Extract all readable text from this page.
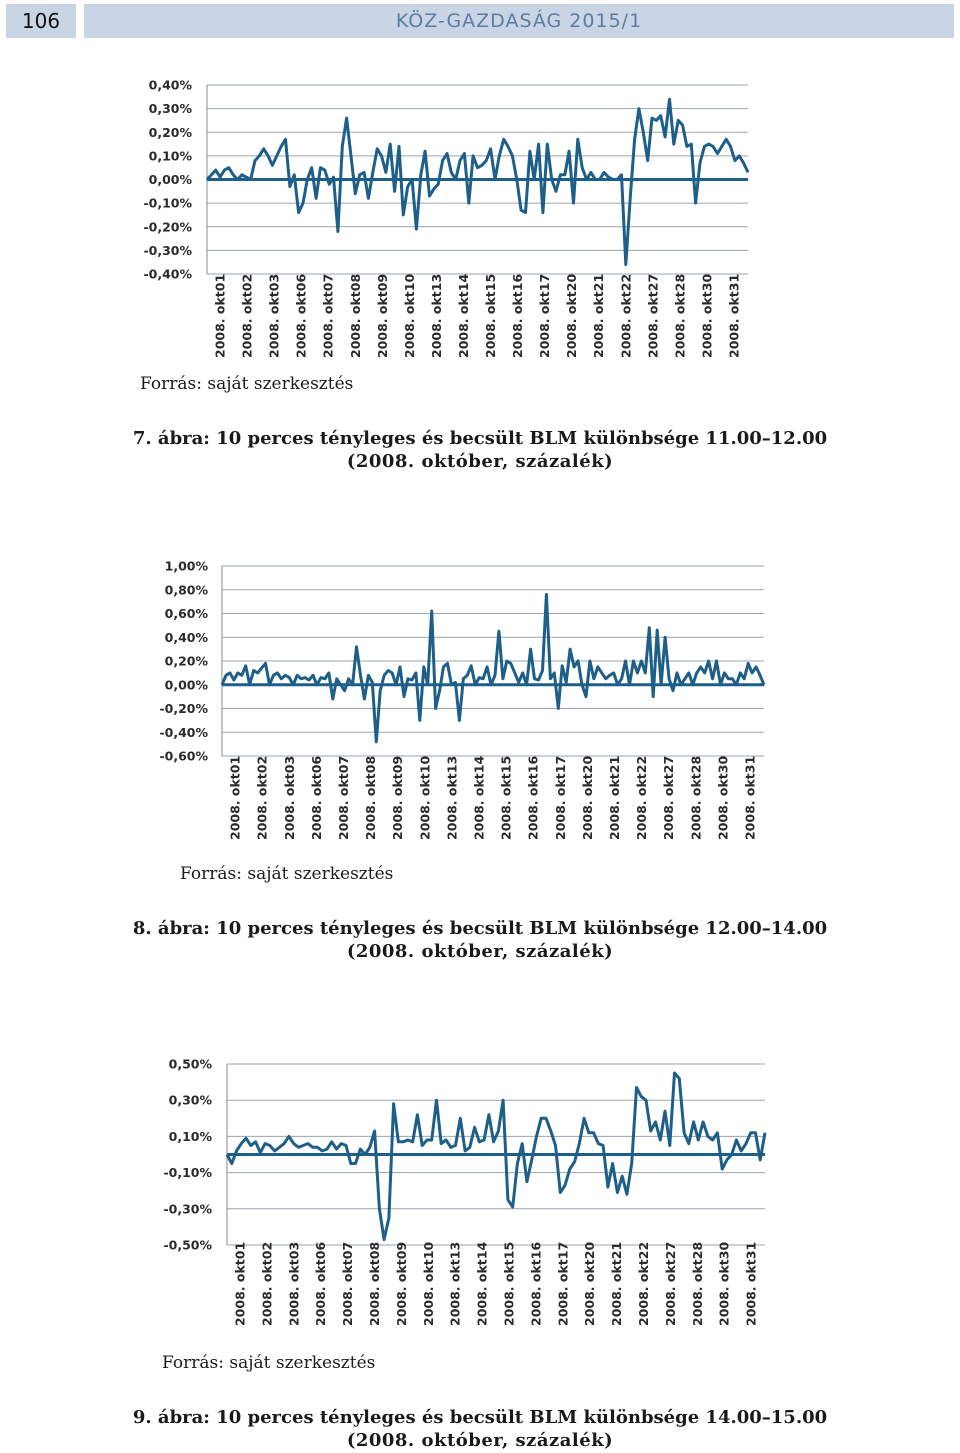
106	KÖZ-GAZDASÁG 2015/1
0,40%
0,30%
0,20%
0,10%
0,00%
-0,10%
-0,20%
-0,30%
-0,40% 2008. okt01 2008. okt02 2008. okt03 2008. okt06 2008. okt07 2008. okt08 2008. okt09 2008. okt10 2008. okt13 2008. okt14 2008. okt15 2008. okt16 2008. okt17 2008. okt20 2008. okt21 2008. okt22 2008. okt27 2008. okt28 2008. okt30 2008. okt31
Forrás: saját szerkesztés
7. ábra: 10 perces tényleges és becsült BLM különbsége 11.00–12.00
(2008. október, százalék)
1,00%
0,80%
0,60%
0,40%
0,20%
0,00%
-0,20%
-0,40%
-0,60% 2008. okt01 2008. okt02 2008. okt03 2008. okt06 2008. okt07 2008. okt08 2008. okt09 2008. okt10 2008. okt13 2008. okt14 2008. okt15 2008. okt16 2008. okt17 2008. okt20 2008. okt21 2008. okt22 2008. okt27 2008. okt28 2008. okt30 2008. okt31
Forrás: saját szerkesztés
8. ábra: 10 perces tényleges és becsült BLM különbsége 12.00–14.00
(2008. október, százalék)
0,50%
0,30%
0,10%
-0,10%
-0,30%
-0,50% 2008. okt01 2008. okt02 2008. okt03 2008. okt06 2008. okt07 2008. okt08 2008. okt09 2008. okt10 2008. okt13 2008. okt14 2008. okt15 2008. okt16 2008. okt17 2008. okt20 2008. okt21 2008. okt22 2008. okt27 2008. okt28 2008. okt30 2008. okt31
Forrás: saját szerkesztés
9. ábra: 10 perces tényleges és becsült BLM különbsége 14.00–15.00
(2008. október, százalék)
